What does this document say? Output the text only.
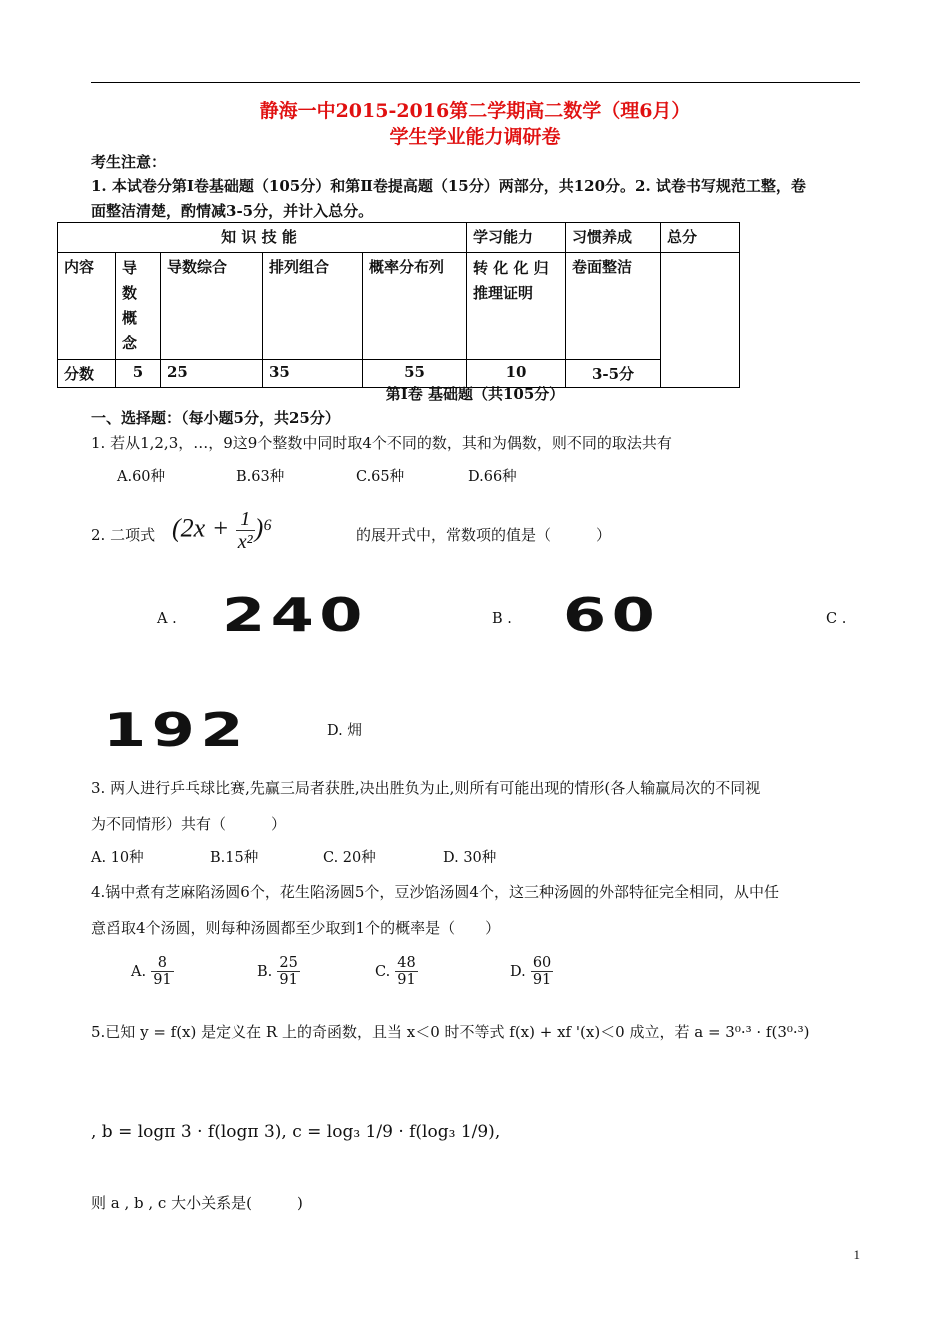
静海一中2015-2016第二学期高二数学（理6月）
学生学业能力调研卷
考生注意：
1. 本试卷分第Ⅰ卷基础题（105分）和第Ⅱ卷提高题（15分）两部分，共120分。2. 试卷书写规范工整，卷
面整洁清楚，酌情减3-5分，并计入总分。
知 识 技 能					学习能力	习惯养成	总分
内容	导
数
概
念	导数综合	排列组合	概率分布列	转 化 化 归 推理证明	卷面整洁	
分数	5	25	35	55	10	3-5分	
第Ⅰ卷 基础题（共105分）
一、选择题：（每小题5分，共25分）
1. 若从1,2,3，…，9这9个整数中同时取4个不同的数，其和为偶数，则不同的取法共有
A.60种	B.63种	C.65种	D.66种
2. 二项式 $(2x + \frac{1}{\text{x²}} )^6$	的展开式中，常数项的值是（　　　）
A . 240	B . 60	C .
192	D. 㶲
3. 两人进行乒乓球比赛,先赢三局者获胜,决出胜负为止,则所有可能出现的情形(各人输赢局次的不同视
为不同情形）共有（　　　）
A. 10种	B.15种	C. 20种	D. 30种
4.锅中煮有芝麻陷汤圆6个，花生陷汤圆5个，豆沙馅汤圆4个，这三种汤圆的外部特征完全相同，从中任
意舀取4个汤圆，则每种汤圆都至少取到1个的概率是（　　）
A. $\frac{8}{91}$	B. $\frac{25}{91}$	C. $\frac{48}{91}$	D. $\frac{60}{91}$
5.已知 y = f(x) 是定义在 R 上的奇函数，且当 x＜0 时不等式 f(x) + xf '(x)＜0 成立，若 a = 3⁰·³ · f(3⁰·³)
, b = logπ 3 · f(logπ 3), c = log₃ 1/9 · f(log₃ 1/9),
则 a , b , c 大小关系是(　　　)
1
